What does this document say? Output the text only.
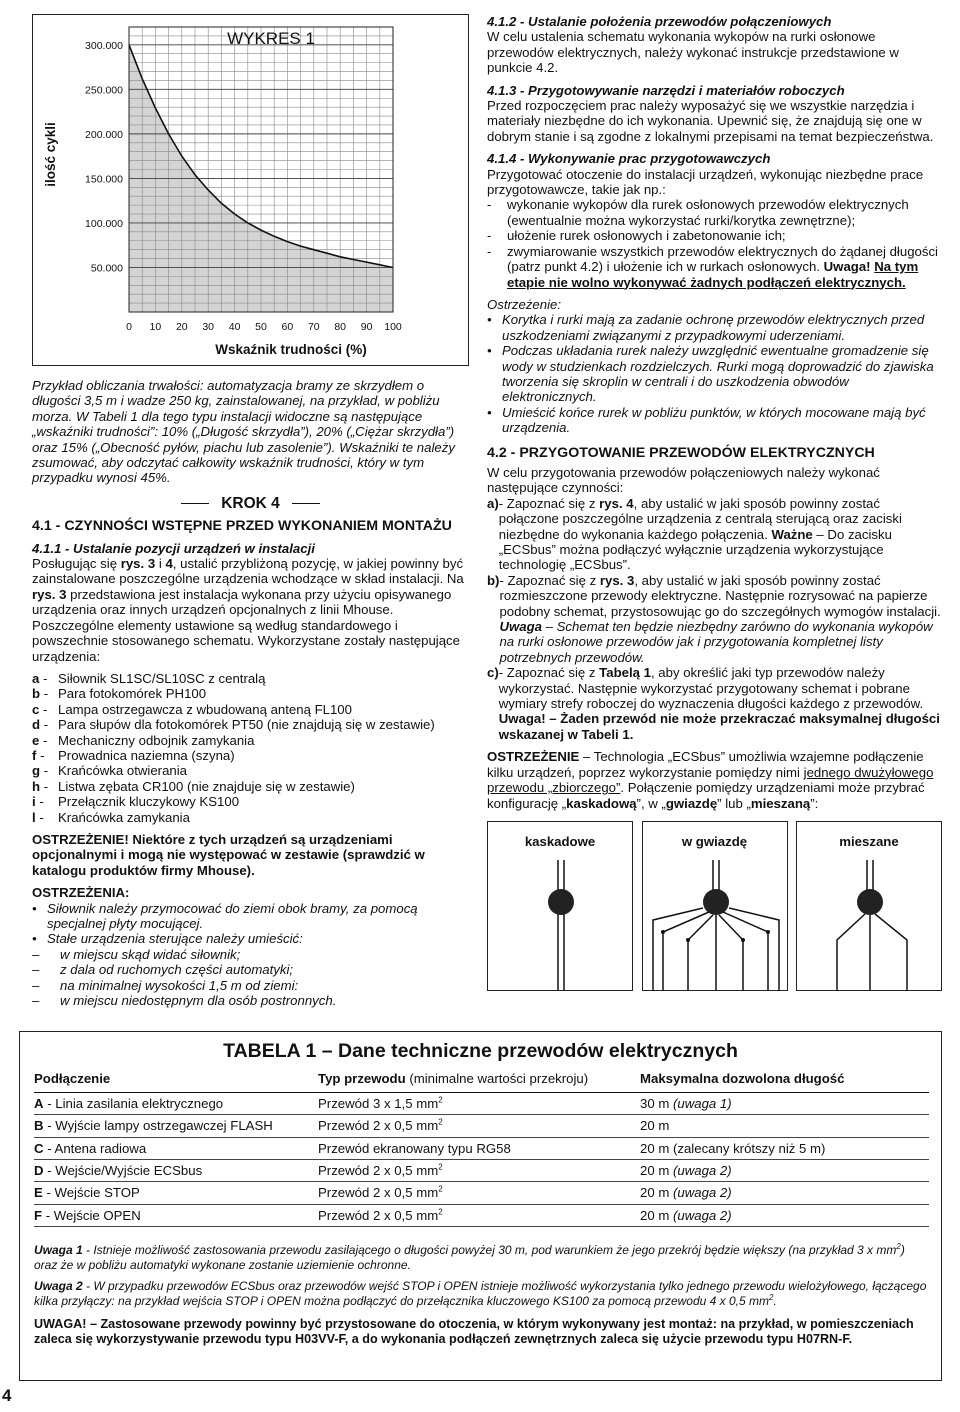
WYKRES 1
300.000
250.000
200.000
150.000
100.000
50.000
0 10 20 30 40 50 60 70 80 90 100
Wskaźnik trudności (%)
ilość cykli

Przykład obliczania trwałości: automatyzacja bramy ze skrzydłem o długości 3,5 m i wadze 250 kg, zainstalowanej, na przykład, w pobliżu morza. W Tabeli 1 dla tego typu instalacji widoczne są następujące „wskaźniki trudności”: 10% („Długość skrzydła”), 20% („Ciężar skrzydła”) oraz 15% („Obecność pyłów, piachu lub zasolenie”). Wskaźniki te należy zsumować, aby odczytać całkowity wskaźnik trudności, który w tym przypadku wynosi 45%.

KROK 4

4.1 - CZYNNOŚCI WSTĘPNE PRZED WYKONANIEM MONTAŻU

4.1.1 - Ustalanie pozycji urządzeń w instalacji

Posługując się rys. 3 i 4, ustalić przybliżoną pozycję, w jakiej powinny być zainstalowane poszczególne urządzenia wchodzące w skład instalacji. Na rys. 3 przedstawiona jest instalacja wykonana przy użyciu opisywanego urządzenia oraz innych urządzeń opcjonalnych z linii Mhouse. Poszczególne elementy ustawione są według standardowego i powszechnie stosowanego schematu. Wykorzystane zostały następujące urządzenia:

a - Siłownik SL1SC/SL10SC z centralą
b - Para fotokomórek PH100
c - Lampa ostrzegawcza z wbudowaną anteną FL100
d - Para słupów dla fotokomórek PT50 (nie znajdują się w zestawie)
e - Mechaniczny odbojnik zamykania
f - Prowadnica naziemna (szyna)
g - Krańcówka otwierania
h - Listwa zębata CR100 (nie znajduje się w zestawie)
i - Przełącznik kluczykowy KS100
l - Krańcówka zamykania

OSTRZEŻENIE! Niektóre z tych urządzeń są urządzeniami opcjonalnymi i mogą nie występować w zestawie (sprawdzić w katalogu produktów firmy Mhouse).

OSTRZEŻENIA:

• Siłownik należy przymocować do ziemi obok bramy, za pomocą specjalnej płyty mocującej.
• Stałe urządzenia sterujące należy umieścić:
–	w miejscu skąd widać siłownik;
–	z dala od ruchomych części automatyki;
–	na minimalnej wysokości 1,5 m od ziemi:
–	w miejscu niedostępnym dla osób postronnych.

4.1.2 - Ustalanie położenia przewodów połączeniowych

W celu ustalenia schematu wykonania wykopów na rurki osłonowe przewodów elektrycznych, należy wykonać instrukcje przedstawione w punkcie 4.2.

4.1.3 - Przygotowywanie narzędzi i materiałów roboczych

Przed rozpoczęciem prac należy wyposażyć się we wszystkie narzędzia i materiały niezbędne do ich wykonania. Upewnić się, że znajdują się one w dobrym stanie i są zgodne z lokalnymi przepisami na temat bezpieczeństwa.

4.1.4 - Wykonywanie prac przygotowawczych

Przygotować otoczenie do instalacji urządzeń, wykonując niezbędne prace przygotowawcze, takie jak np.:

- wykonanie wykopów dla rurek osłonowych przewodów elektrycznych (ewentualnie można wykorzystać rurki/korytka zewnętrzne);
- ułożenie rurek osłonowych i zabetonowanie ich;
- zwymiarowanie wszystkich przewodów elektrycznych do żądanej długości (patrz punkt 4.2) i ułożenie ich w rurkach osłonowych. Uwaga! Na tym etapie nie wolno wykonywać żadnych podłączeń elektrycznych.

Ostrzeżenie:

• Korytka i rurki mają za zadanie ochronę przewodów elektrycznych przed uszkodzeniami związanymi z przypadkowymi uderzeniami.
• Podczas układania rurek należy uwzględnić ewentualne gromadzenie się wody w studzienkach rozdzielczych. Rurki mogą doprowadzić do zjawiska tworzenia się skroplin w centrali i do uszkodzenia obwodów elektronicznych.
• Umieścić końce rurek w pobliżu punktów, w których mocowane mają być urządzenia.

4.2 - PRZYGOTOWANIE PRZEWODÓW ELEKTRYCZNYCH

W celu przygotowania przewodów połączeniowych należy wykonać następujące czynności:

a) - Zapoznać się z rys. 4, aby ustalić w jaki sposób powinny zostać połączone poszczególne urządzenia z centralą sterującą oraz zaciski niezbędne do wykonania każdego połączenia. Ważne – Do zacisku „ECSbus” można podłączyć wyłącznie urządzenia wykorzystujące technologię „ECSbus”.
b) - Zapoznać się z rys. 3, aby ustalić w jaki sposób powinny zostać rozmieszczone przewody elektryczne. Następnie rozrysować na papierze podobny schemat, przystosowując go do szczegółnych wymogów instalacji. Uwaga – Schemat ten będzie niezbędny zarówno do wykonania wykopów na rurki osłonowe przewodów jak i przygotowania kompletnej listy potrzebnych przewodów.
c) - Zapoznać się z Tabelą 1, aby określić jaki typ przewodów należy wykorzystać. Następnie wykorzystać przygotowany schemat i pobrane wymiary strefy roboczej do wyznaczenia długości każdego z przewodów. Uwaga! – Żaden przewód nie może przekraczać maksymalnej długości wskazanej w Tabeli 1.

OSTRZEŻENIE – Technologia „ECSbus” umożliwia wzajemne podłączenie kilku urządzeń, poprzez wykorzystanie pomiędzy nimi jednego dwużyłowego przewodu „zbiorczego”. Połączenie pomiędzy urządzeniami może przybrać konfigurację „kaskadową”, w „gwiazdę” lub „mieszaną”:

kaskadowe	w gwiazdę	mieszane
TABELA 1 – Dane techniczne przewodów elektrycznych
Podłączenie	Typ przewodu (minimalne wartości przekroju)	Maksymalna dozwolona długość
A - Linia zasilania elektrycznego	Przewód 3 x 1,5 $mm^2$	30 m (uwaga 1)
B - Wyjście lampy ostrzegawczej FLASH	Przewód 2 x 0,5 $mm^2$	20 m
C - Antena radiowa	Przewód ekranowany typu RG58	20 m (zalecany krótszy niż 5 m)
D - Wejście/Wyjście ECSbus	Przewód 2 x 0,5 $mm^2$	20 m (uwaga 2)
E - Wejście STOP	Przewód 2 x 0,5 $mm^2$	20 m (uwaga 2)
F - Wejście OPEN	Przewód 2 x 0,5 $mm^2$	20 m (uwaga 2)

Uwaga 1 - Istnieje możliwość zastosowania przewodu zasilającego o długości powyżej 30 m, pod warunkiem że jego przekrój będzie większy (na przykład 3 x $mm^2$) oraz że w pobliżu automatyki wykonane zostanie uziemienie ochronne.

Uwaga 2 - W przypadku przewodów ECSbus oraz przewodów wejść STOP i OPEN istnieje możliwość wykorzystania tylko jednego przewodu wielożyłowego, łączącego kilka przyłączy: na przykład wejścia STOP i OPEN można podłączyć do przełącznika kluczowego KS100 za pomocą przewodu 4 x 0,5 $mm^2$.

UWAGA! – Zastosowane przewody powinny być przystosowane do otoczenia, w którym wykonywany jest montaż: na przykład, w pomieszczeniach zaleca się wykorzystywanie przewodu typu H03VV-F, a do wykonania podłączeń zewnętrznych zaleca się użycie przewodu typu H07RN-F.

4
